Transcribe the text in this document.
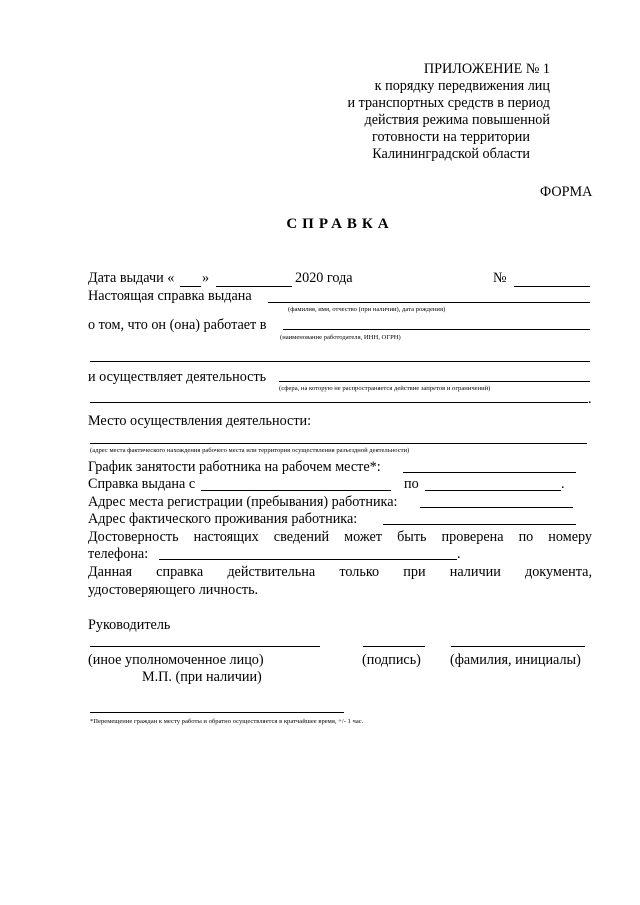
ПРИЛОЖЕНИЕ № 1
к порядку передвижения лиц
и транспортных средств в период
действия режима повышенной
готовности на территории
Калининградской области
ФОРМА
СПРАВКА
Дата выдачи « »	2020 года	№
Настоящая справка выдана
(фамилия, имя, отчество (при наличии), дата рождения)
о том, что он (она) работает в
(наименование работодателя, ИНН, ОГРН)
и осуществляет деятельность
(сфера, на которую не распространяется действие запретов и ограничений)
.
Место осуществления деятельности:
(адрес места фактического нахождения рабочего места или территория осуществления разъездной деятельности)
График занятости работника на рабочем месте*:
Справка выдана с	по	.
Адрес места регистрации (пребывания) работника:
Адрес фактического проживания работника:
Достоверность настоящих сведений может быть проверена по номеру
телефона:	.
Данная справка действительна только при наличии документа,
удостоверяющего личность.
Руководитель
(иное уполномоченное лицо)	(подпись) (фамилия, инициалы)
М.П. (при наличии)
*Перемещение граждан к месту работы и обратно осуществляется в кратчайшее время, +/- 1 час.
